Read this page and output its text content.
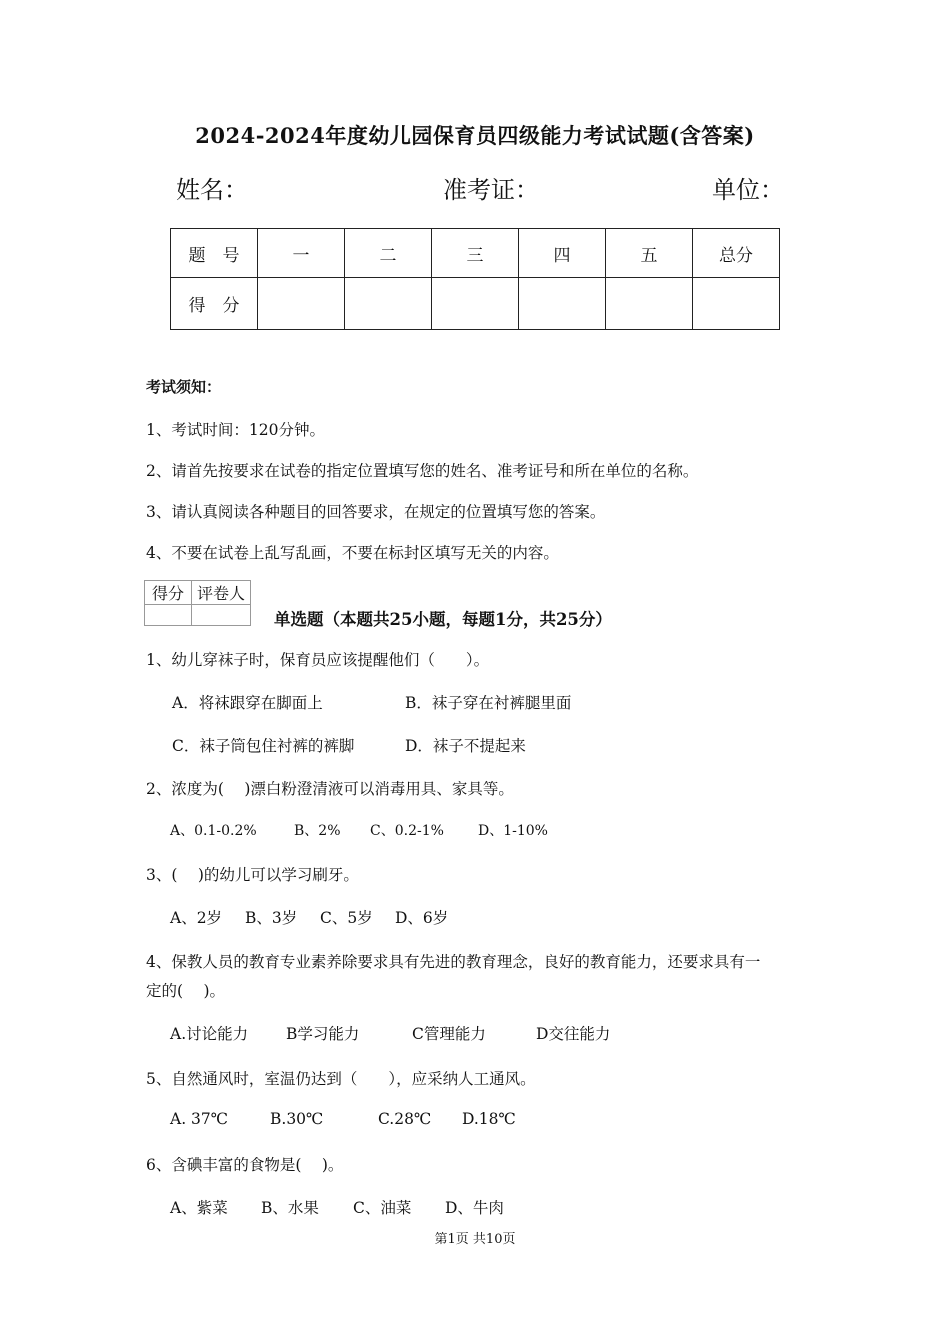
2024-2024年度幼儿园保育员四级能力考试试题(含答案)
姓名：	准考证：	单位：
题　号	一	二	三	四	五	总分
得　分						
考试须知：
1、考试时间：120分钟。
2、请首先按要求在试卷的指定位置填写您的姓名、准考证号和所在单位的名称。
3、请认真阅读各种题目的回答要求，在规定的位置填写您的答案。
4、不要在试卷上乱写乱画，不要在标封区填写无关的内容。
得分	评卷人

单选题（本题共25小题，每题1分，共25分）
1、幼儿穿袜子时，保育员应该提醒他们（　　）。
A．将袜跟穿在脚面上	B．袜子穿在衬裤腿里面
C．袜子筒包住衬裤的裤脚	D．袜子不提起来
2、浓度为(　 )漂白粉澄清液可以消毒用具、家具等。
A、0.1-0.2%	B、2% C、0.2-1% D、1-10%
3、(　 )的幼儿可以学习刷牙。
A、2岁 B、3岁 C、5岁 D、6岁
4、保教人员的教育专业素养除要求具有先进的教育理念，良好的教育能力，还要求具有一
定的(　 )。
A.讨论能力 B学习能力	C管理能力	D交往能力
5、自然通风时，室温仍达到（　　），应采纳人工通风。
A. 37℃	B.30℃	C.28℃ D.18℃
6、含碘丰富的食物是(　 )。
A、紫菜 B、水果 C、油菜 D、牛肉
第1页 共10页
